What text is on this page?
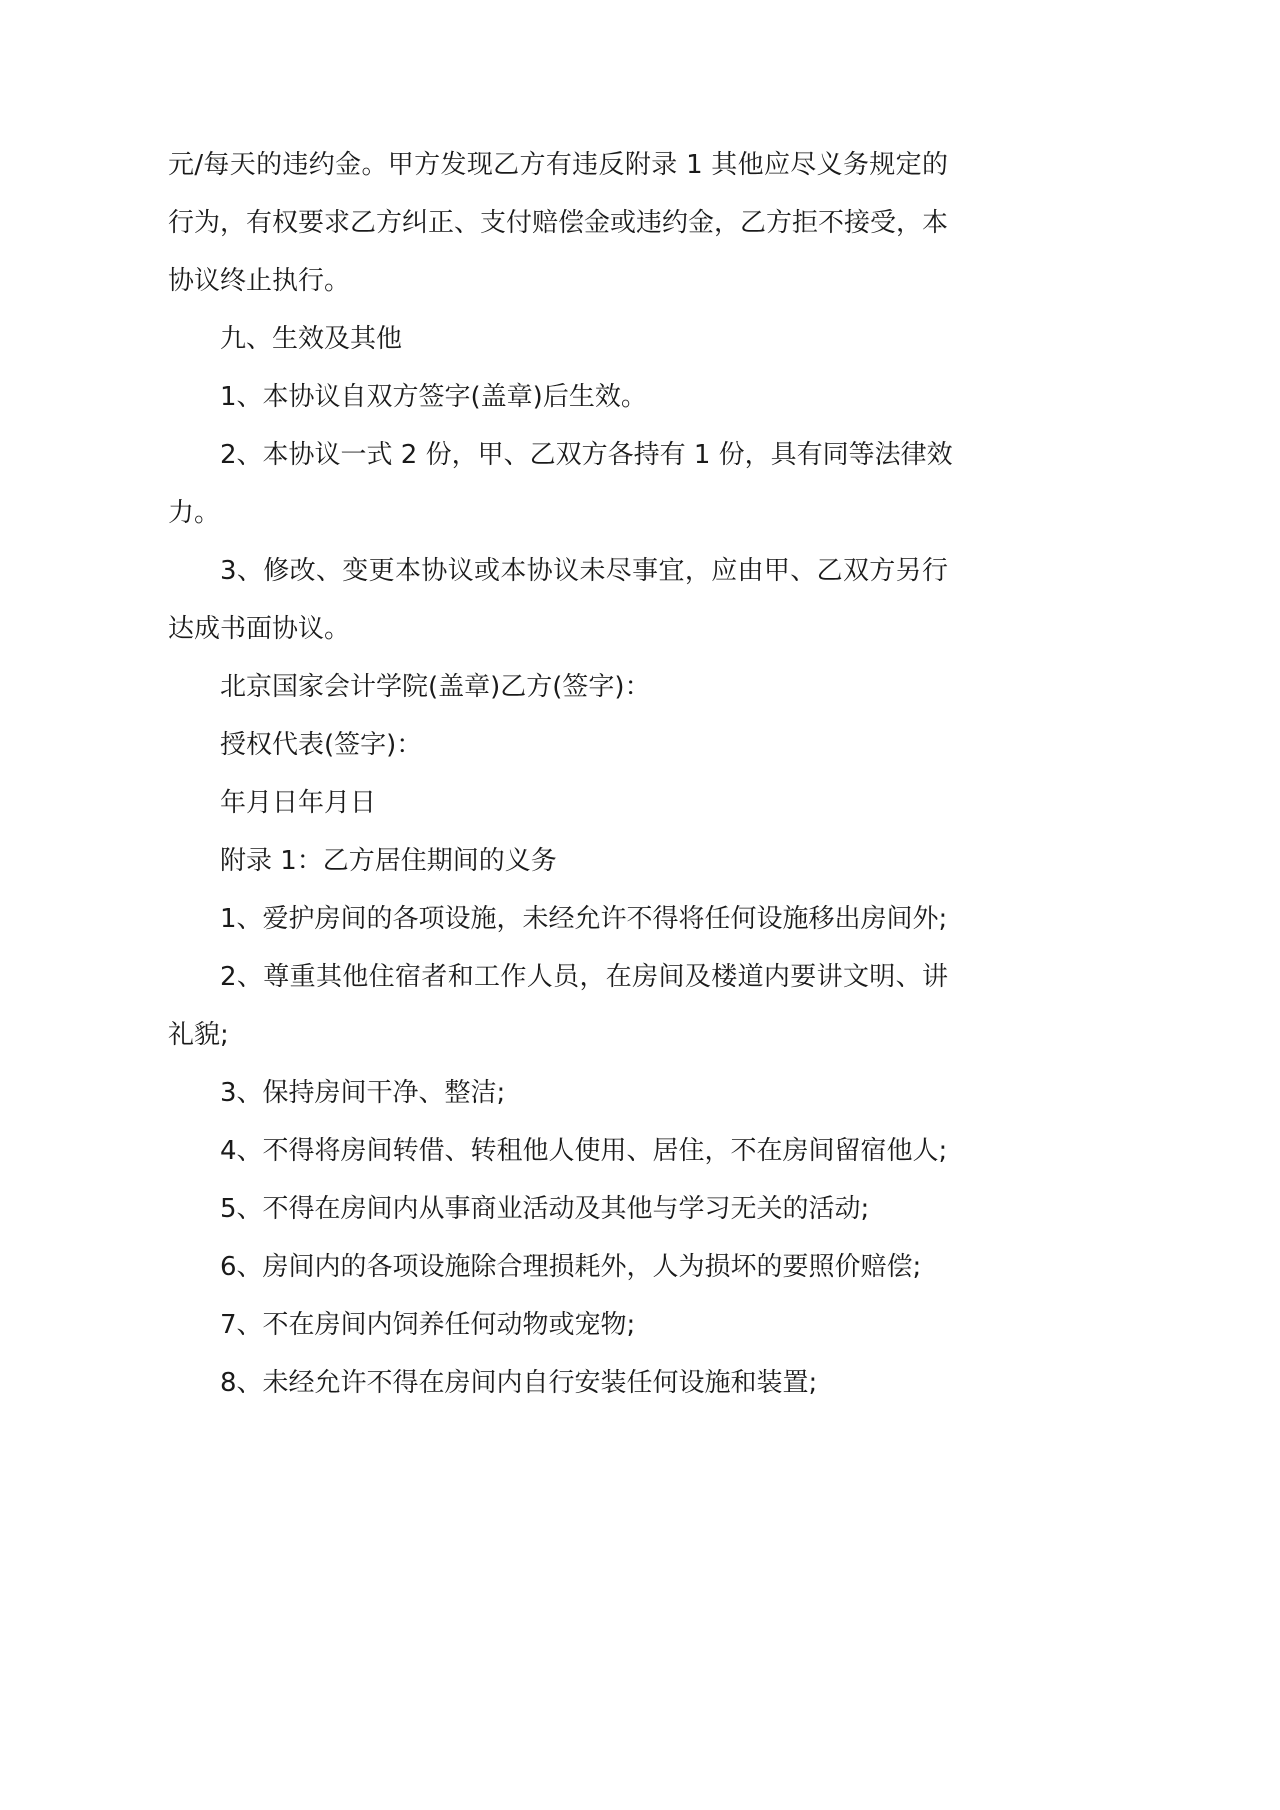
元/每天的违约金。甲方发现乙方有违反附录 1 其他应尽义务规定的
行为，有权要求乙方纠正、支付赔偿金或违约金，乙方拒不接受，本
协议终止执行。
九、生效及其他
1、本协议自双方签字(盖章)后生效。
2、本协议一式 2 份，甲、乙双方各持有 1 份，具有同等法律效
力。
3、修改、变更本协议或本协议未尽事宜，应由甲、乙双方另行
达成书面协议。
北京国家会计学院(盖章)乙方(签字)：
授权代表(签字)：
年月日年月日
附录 1：乙方居住期间的义务
1、爱护房间的各项设施，未经允许不得将任何设施移出房间外;
2、尊重其他住宿者和工作人员，在房间及楼道内要讲文明、讲
礼貌;
3、保持房间干净、整洁;
4、不得将房间转借、转租他人使用、居住，不在房间留宿他人;
5、不得在房间内从事商业活动及其他与学习无关的活动;
6、房间内的各项设施除合理损耗外，人为损坏的要照价赔偿;
7、不在房间内饲养任何动物或宠物;
8、未经允许不得在房间内自行安装任何设施和装置;
